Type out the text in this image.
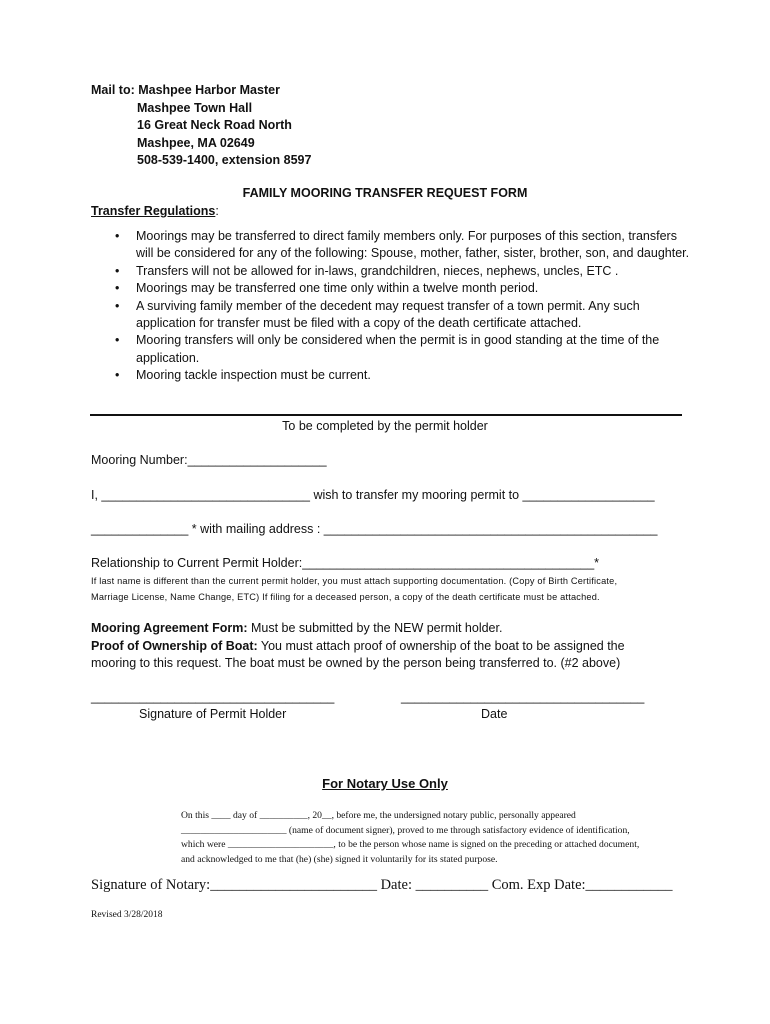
Mail to: Mashpee Harbor Master
Mashpee Town Hall
16 Great Neck Road North
Mashpee, MA 02649
508-539-1400, extension 8597
FAMILY MOORING TRANSFER REQUEST FORM
Transfer Regulations:
• Moorings may be transferred to direct family members only. For purposes of this section, transfers will be considered for any of the following: Spouse, mother, father, sister, brother, son, and daughter.
• Transfers will not be allowed for in-laws, grandchildren, nieces, nephews, uncles, ETC .
• Moorings may be transferred one time only within a twelve month period.
• A surviving family member of the decedent may request transfer of a town permit. Any such application for transfer must be filed with a copy of the death certificate attached.
• Mooring transfers will only be considered when the permit is in good standing at the time of the application.
• Mooring tackle inspection must be current.
To be completed by the permit holder
Mooring Number:____________________
I, ______________________________ wish to transfer my mooring permit to ___________________
______________ * with mailing address : ________________________________________________
Relationship to Current Permit Holder:__________________________________________*
If last name is different than the current permit holder, you must attach supporting documentation. (Copy of Birth Certificate,
Marriage License, Name Change, ETC) If filing for a deceased person, a copy of the death certificate must be attached.
Mooring Agreement Form: Must be submitted by the NEW permit holder.
Proof of Ownership of Boat: You must attach proof of ownership of the boat to be assigned the
mooring to this request. The boat must be owned by the person being transferred to. (#2 above)
___________________________________
Signature of Permit Holder
___________________________________
Date
For Notary Use Only
On this ____ day of __________, 20__, before me, the undersigned notary public, personally appeared
______________________ (name of document signer), proved to me through satisfactory evidence of identification,
which were ______________________, to be the person whose name is signed on the preceding or attached document,
and acknowledged to me that (he) (she) signed it voluntarily for its stated purpose.
Signature of Notary:_______________________ Date: __________ Com. Exp Date:____________
Revised 3/28/2018
